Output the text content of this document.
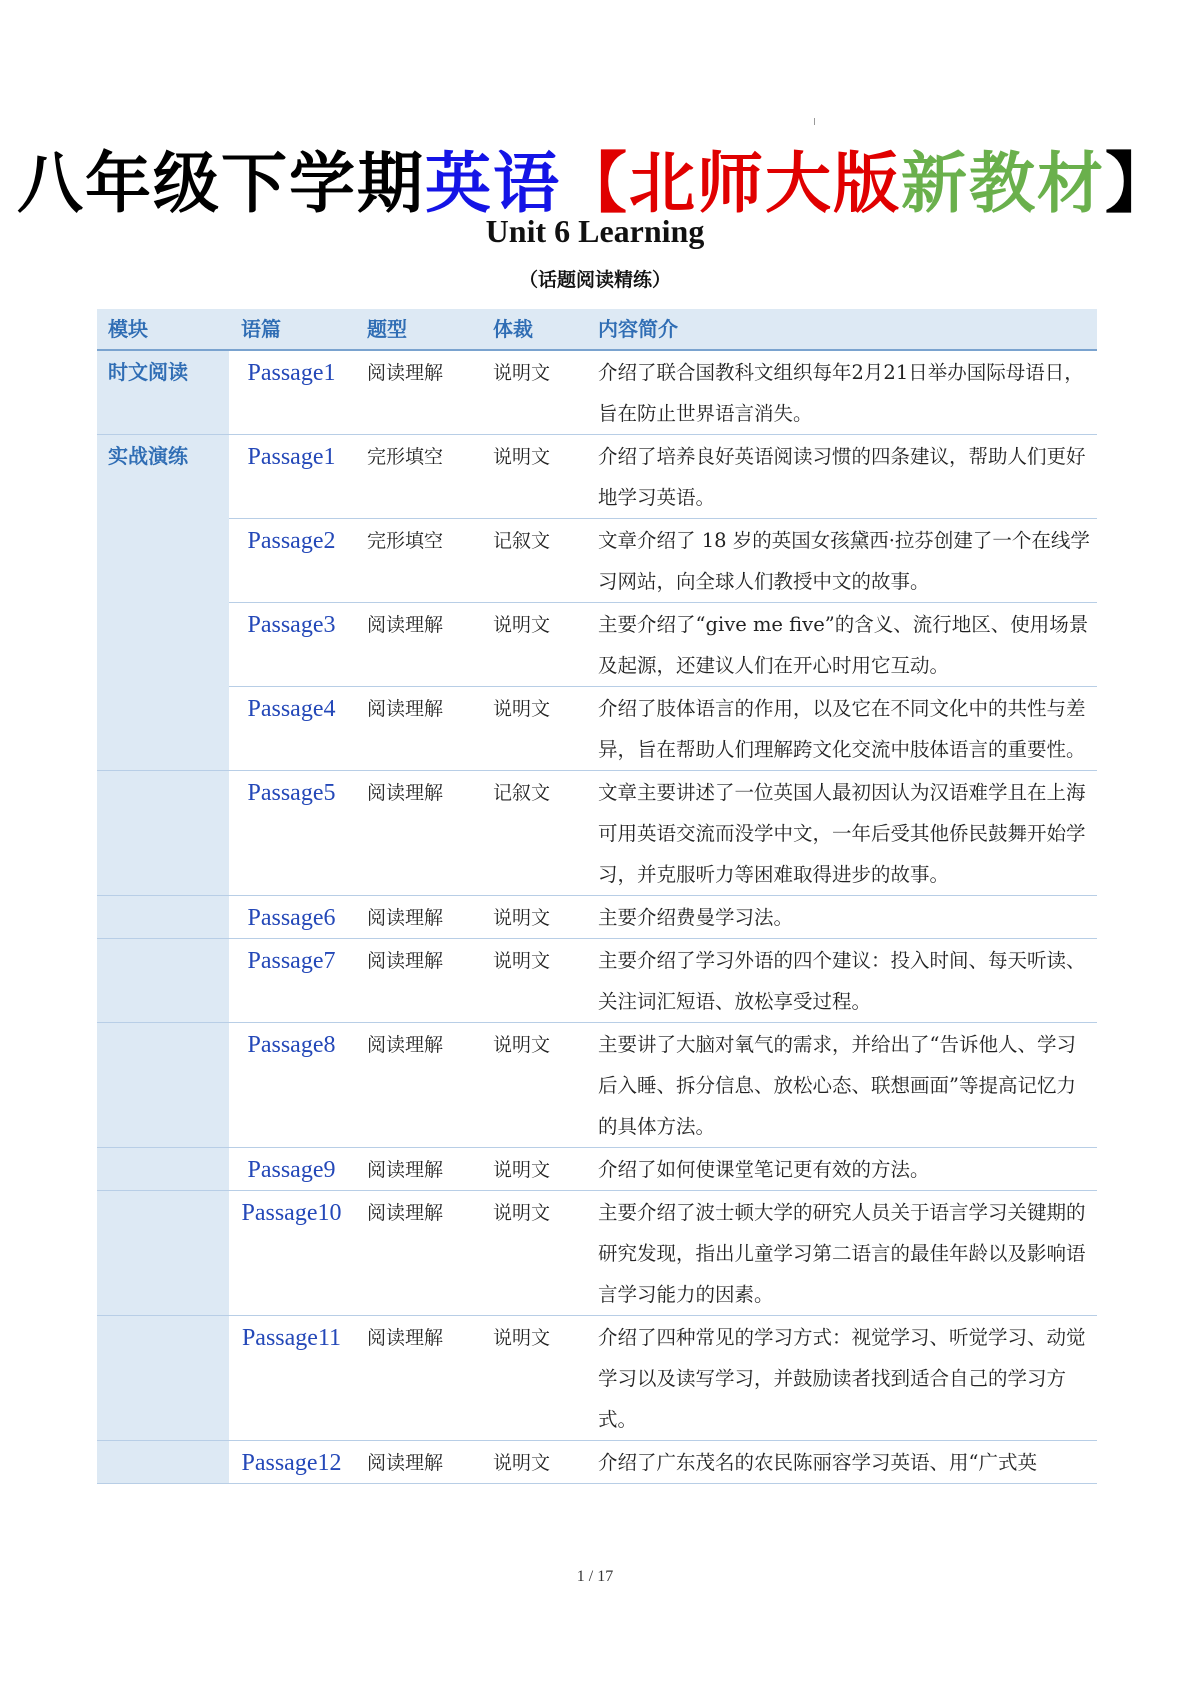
八年级下学期英语【北师大版新教材】
Unit 6 Learning
（话题阅读精练）
模块	语篇	题型	体裁	内容简介
时文阅读	Passage1	阅读理解	说明文	介绍了联合国教科文组织每年2月21日举办国际母语日，旨在防止世界语言消失。
实战演练	Passage1	完形填空	说明文	介绍了培养良好英语阅读习惯的四条建议，帮助人们更好地学习英语。
	Passage2	完形填空	记叙文	文章介绍了 18 岁的英国女孩黛西·拉芬创建了一个在线学习网站，向全球人们教授中文的故事。
	Passage3	阅读理解	说明文	主要介绍了“give me five”的含义、流行地区、使用场景及起源，还建议人们在开心时用它互动。
	Passage4	阅读理解	说明文	介绍了肢体语言的作用，以及它在不同文化中的共性与差异，旨在帮助人们理解跨文化交流中肢体语言的重要性。
	Passage5	阅读理解	记叙文	文章主要讲述了一位英国人最初因认为汉语难学且在上海可用英语交流而没学中文，一年后受其他侨民鼓舞开始学习，并克服听力等困难取得进步的故事。
	Passage6	阅读理解	说明文	主要介绍费曼学习法。
	Passage7	阅读理解	说明文	主要介绍了学习外语的四个建议：投入时间、每天听读、关注词汇短语、放松享受过程。
	Passage8	阅读理解	说明文	主要讲了大脑对氧气的需求，并给出了“告诉他人、学习后入睡、拆分信息、放松心态、联想画面”等提高记忆力的具体方法。
	Passage9	阅读理解	说明文	介绍了如何使课堂笔记更有效的方法。
	Passage10	阅读理解	说明文	主要介绍了波士顿大学的研究人员关于语言学习关键期的研究发现，指出儿童学习第二语言的最佳年龄以及影响语言学习能力的因素。
	Passage11	阅读理解	说明文	介绍了四种常见的学习方式：视觉学习、听觉学习、动觉学习以及读写学习，并鼓励读者找到适合自己的学习方式。
	Passage12	阅读理解	说明文	介绍了广东茂名的农民陈丽容学习英语、用“广式英
1 / 17
